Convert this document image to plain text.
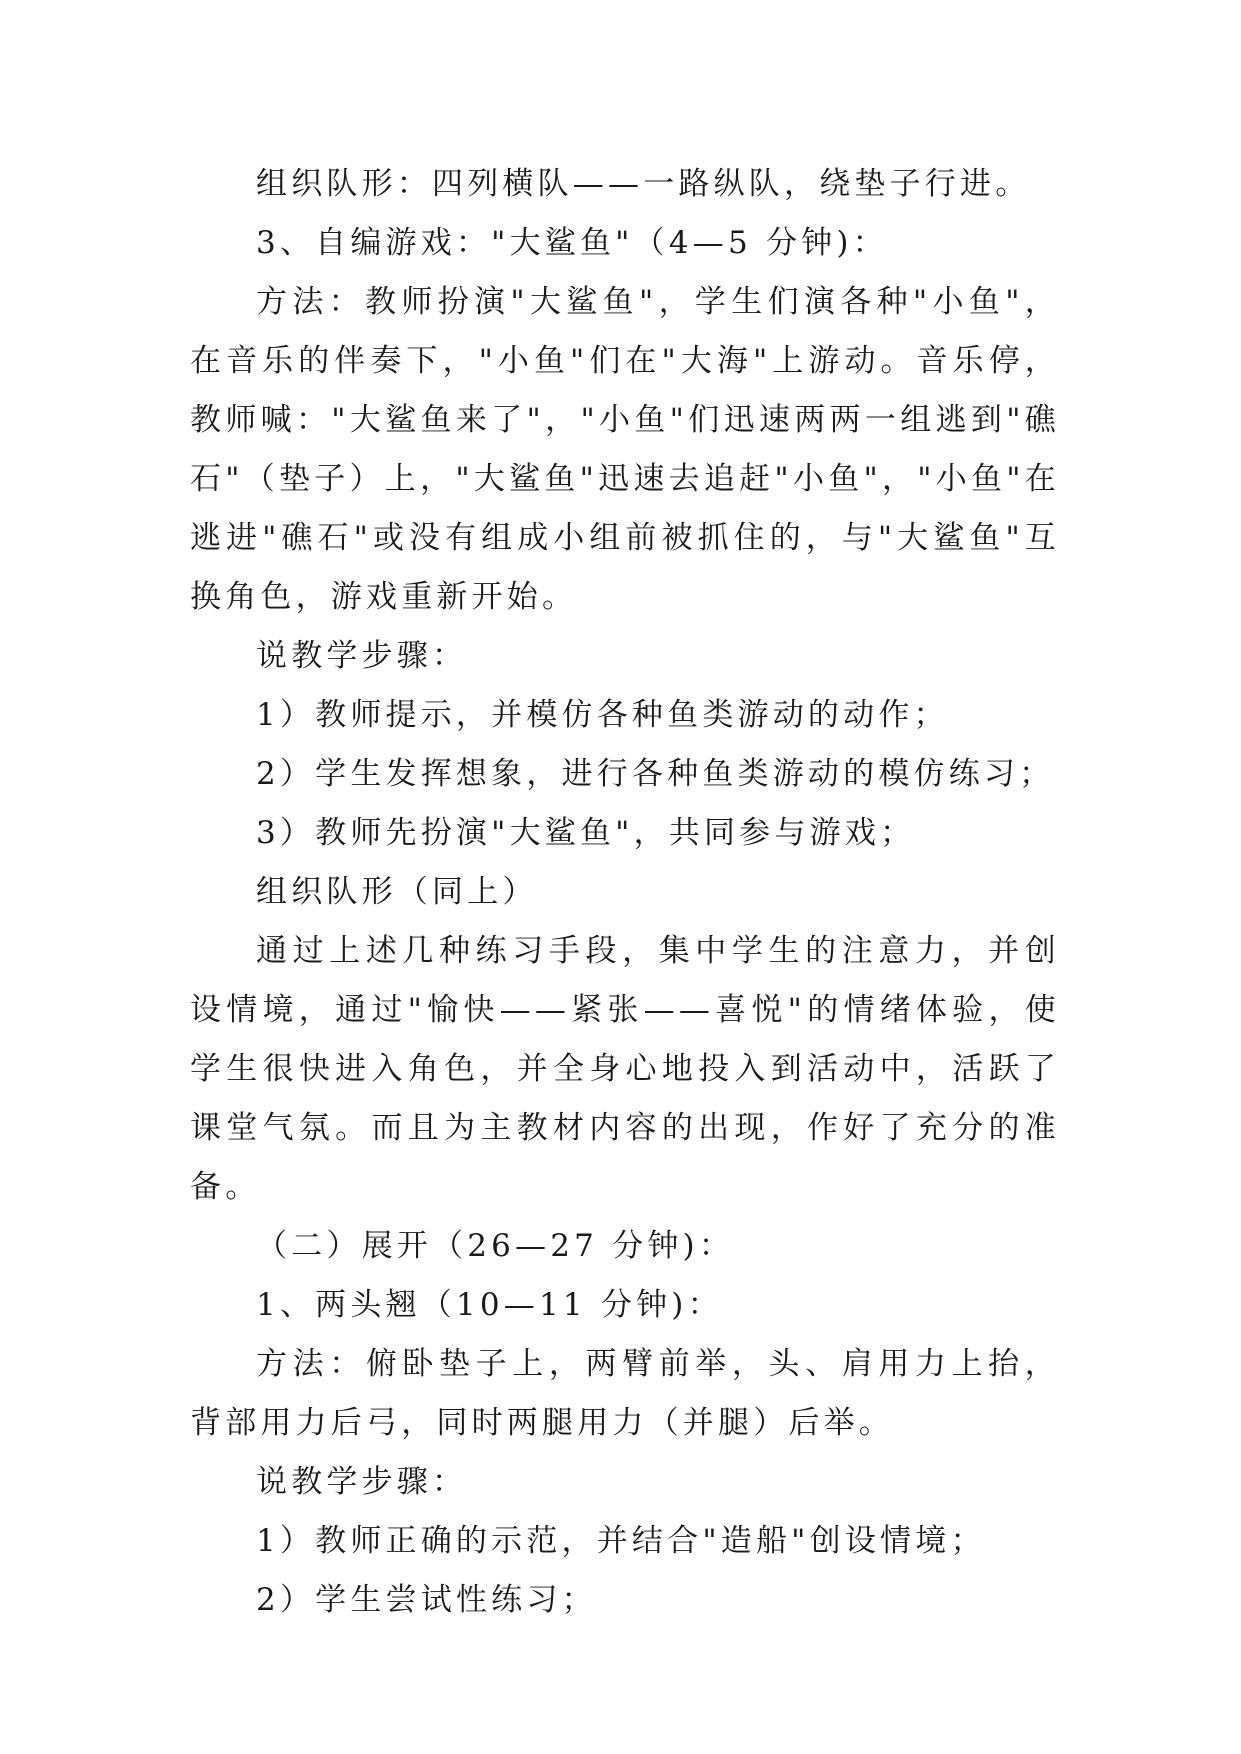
组织队形：四列横队——一路纵队，绕垫子行进。

3、自编游戏："大鲨鱼"（4—5 分钟)：

方法：教师扮演"大鲨鱼"，学生们演各种"小鱼"，在音乐的伴奏下，"小鱼"们在"大海"上游动。音乐停，教师喊："大鲨鱼来了"，"小鱼"们迅速两两一组逃到"礁石"（垫子）上，"大鲨鱼"迅速去追赶"小鱼"，"小鱼"在逃进"礁石"或没有组成小组前被抓住的，与"大鲨鱼"互换角色，游戏重新开始。

说教学步骤：

1）教师提示，并模仿各种鱼类游动的动作；

2）学生发挥想象，进行各种鱼类游动的模仿练习；

3）教师先扮演"大鲨鱼"，共同参与游戏；

组织队形（同上）

通过上述几种练习手段，集中学生的注意力，并创设情境，通过"愉快——紧张——喜悦"的情绪体验，使学生很快进入角色，并全身心地投入到活动中，活跃了课堂气氛。而且为主教材内容的出现，作好了充分的准备。

（二）展开（26—27 分钟)：

1、两头翘（10—11 分钟)：

方法：俯卧垫子上，两臂前举，头、肩用力上抬，背部用力后弓，同时两腿用力（并腿）后举。

说教学步骤：

1）教师正确的示范，并结合"造船"创设情境；

2）学生尝试性练习；
